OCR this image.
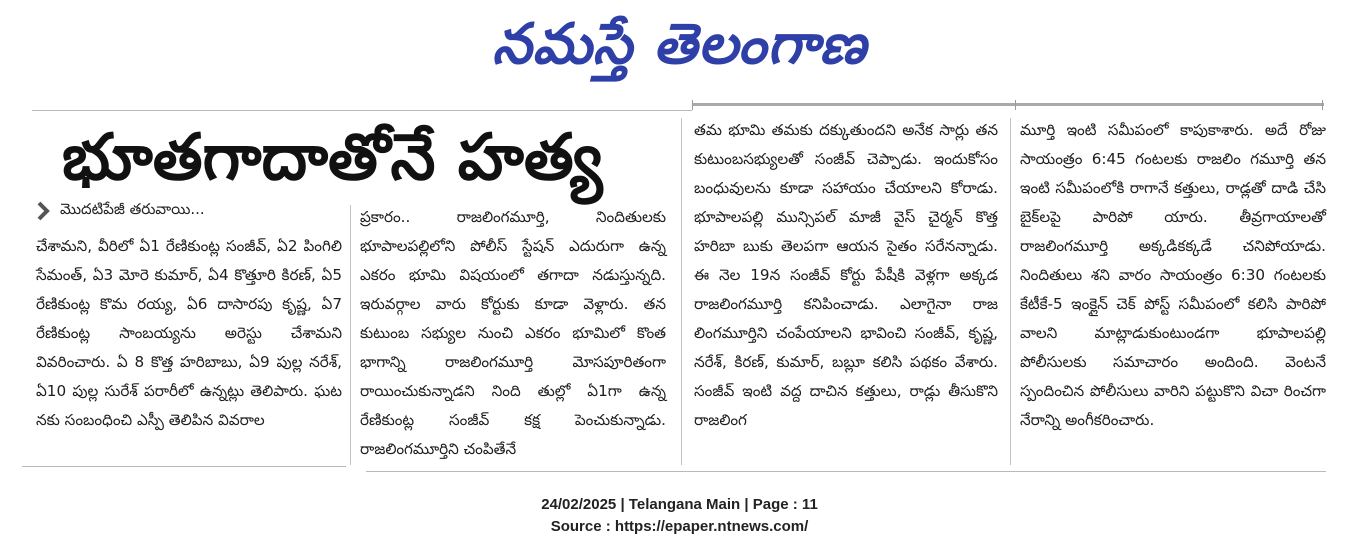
నమస్తే తెలంగాణ
భూతగాదాతోనే హత్య
మొదటిపేజీ తరువాయి...

చేశామని, వీరిలో ఏ1 రేణికుంట్ల సంజీవ్, ఏ2 పింగిలి సేమంత్, ఏ3 మోరె కుమార్, ఏ4 కొత్తూరి కిరణ్, ఏ5 రేణికుంట్ల కొమ రయ్య, ఏ6 దాసారపు కృష్ణ, ఏ7 రేణికుంట్ల సాంబయ్యను అరెస్టు చేశామని వివరించారు. ఏ 8 కొత్త హరిబాబు, ఏ9 పుల్ల నరేశ్, ఏ10 పుల్ల సురేశ్ పరారీలో ఉన్నట్లు తెలిపారు. ఘట నకు సంబంధించి ఎస్పీ తెలిపిన వివరాల

ప్రకారం.. రాజలింగమూర్తి, నిందితులకు భూపాలపల్లిలోని పోలీస్ స్టేషన్ ఎదురుగా ఉన్న ఎకరం భూమి విషయంలో తగాదా నడుస్తున్నది. ఇరువర్గాల వారు కోర్టుకు కూడా వెళ్లారు. తన కుటుంబ సభ్యుల నుంచి ఎకరం భూమిలో కొంత భాగాన్ని రాజలింగమూర్తి మోసపూరితంగా రాయించుకున్నాడని నింది తుల్లో ఏ1గా ఉన్న రేణికుంట్ల సంజీవ్ కక్ష పెంచుకున్నాడు. రాజలింగమూర్తిని చంపితేనే

తమ భూమి తమకు దక్కుతుందని అనేక సార్లు తన కుటుంబసభ్యులతో సంజీవ్ చెప్పాడు. ఇందుకోసం బంధువులను కూడా సహాయం చేయాలని కోరాడు. భూపాలపల్లి మున్సిపల్ మాజీ వైస్ చైర్మన్ కొత్త హరిబా బుకు తెలపగా ఆయన సైతం సరేనన్నాడు. ఈ నెల 19న సంజీవ్ కోర్టు పేషీకి వెళ్లగా అక్కడ రాజలింగమూర్తి కనిపించాడు. ఎలాగైనా రాజ లింగమూర్తిని చంపేయాలని భావించి సంజీవ్, కృష్ణ, నరేశ్, కిరణ్, కుమార్, బబ్లూ కలిసి పథకం వేశారు. సంజీవ్ ఇంటి వద్ద దాచిన కత్తులు, రాడ్లు తీసుకొని రాజలింగ

మూర్తి ఇంటి సమీపంలో కాపుకాశారు. అదే రోజు సాయంత్రం 6:45 గంటలకు రాజలిం గమూర్తి తన ఇంటి సమీపంలోకి రాగానే కత్తులు, రాడ్లతో దాడి చేసి బైక్‌లపై పారిపో యారు. తీవ్రగాయాలతో రాజలింగమూర్తి అక్కడికక్కడే చనిపోయాడు. నిందితులు శని వారం సాయంత్రం 6:30 గంటలకు కేటీకే-5 ఇంక్లైన్ చెక్ పోస్ట్ సమీపంలో కలిసి పారిపో వాలని మాట్లాడుకుంటుండగా భూపాలపల్లి పోలీసులకు సమాచారం అందింది. వెంటనే స్పందించిన పోలీసులు వారిని పట్టుకొని విచా రించగా నేరాన్ని అంగీకరించారు.

24/02/2025 | Telangana Main | Page : 11
Source : https://epaper.ntnews.com/
